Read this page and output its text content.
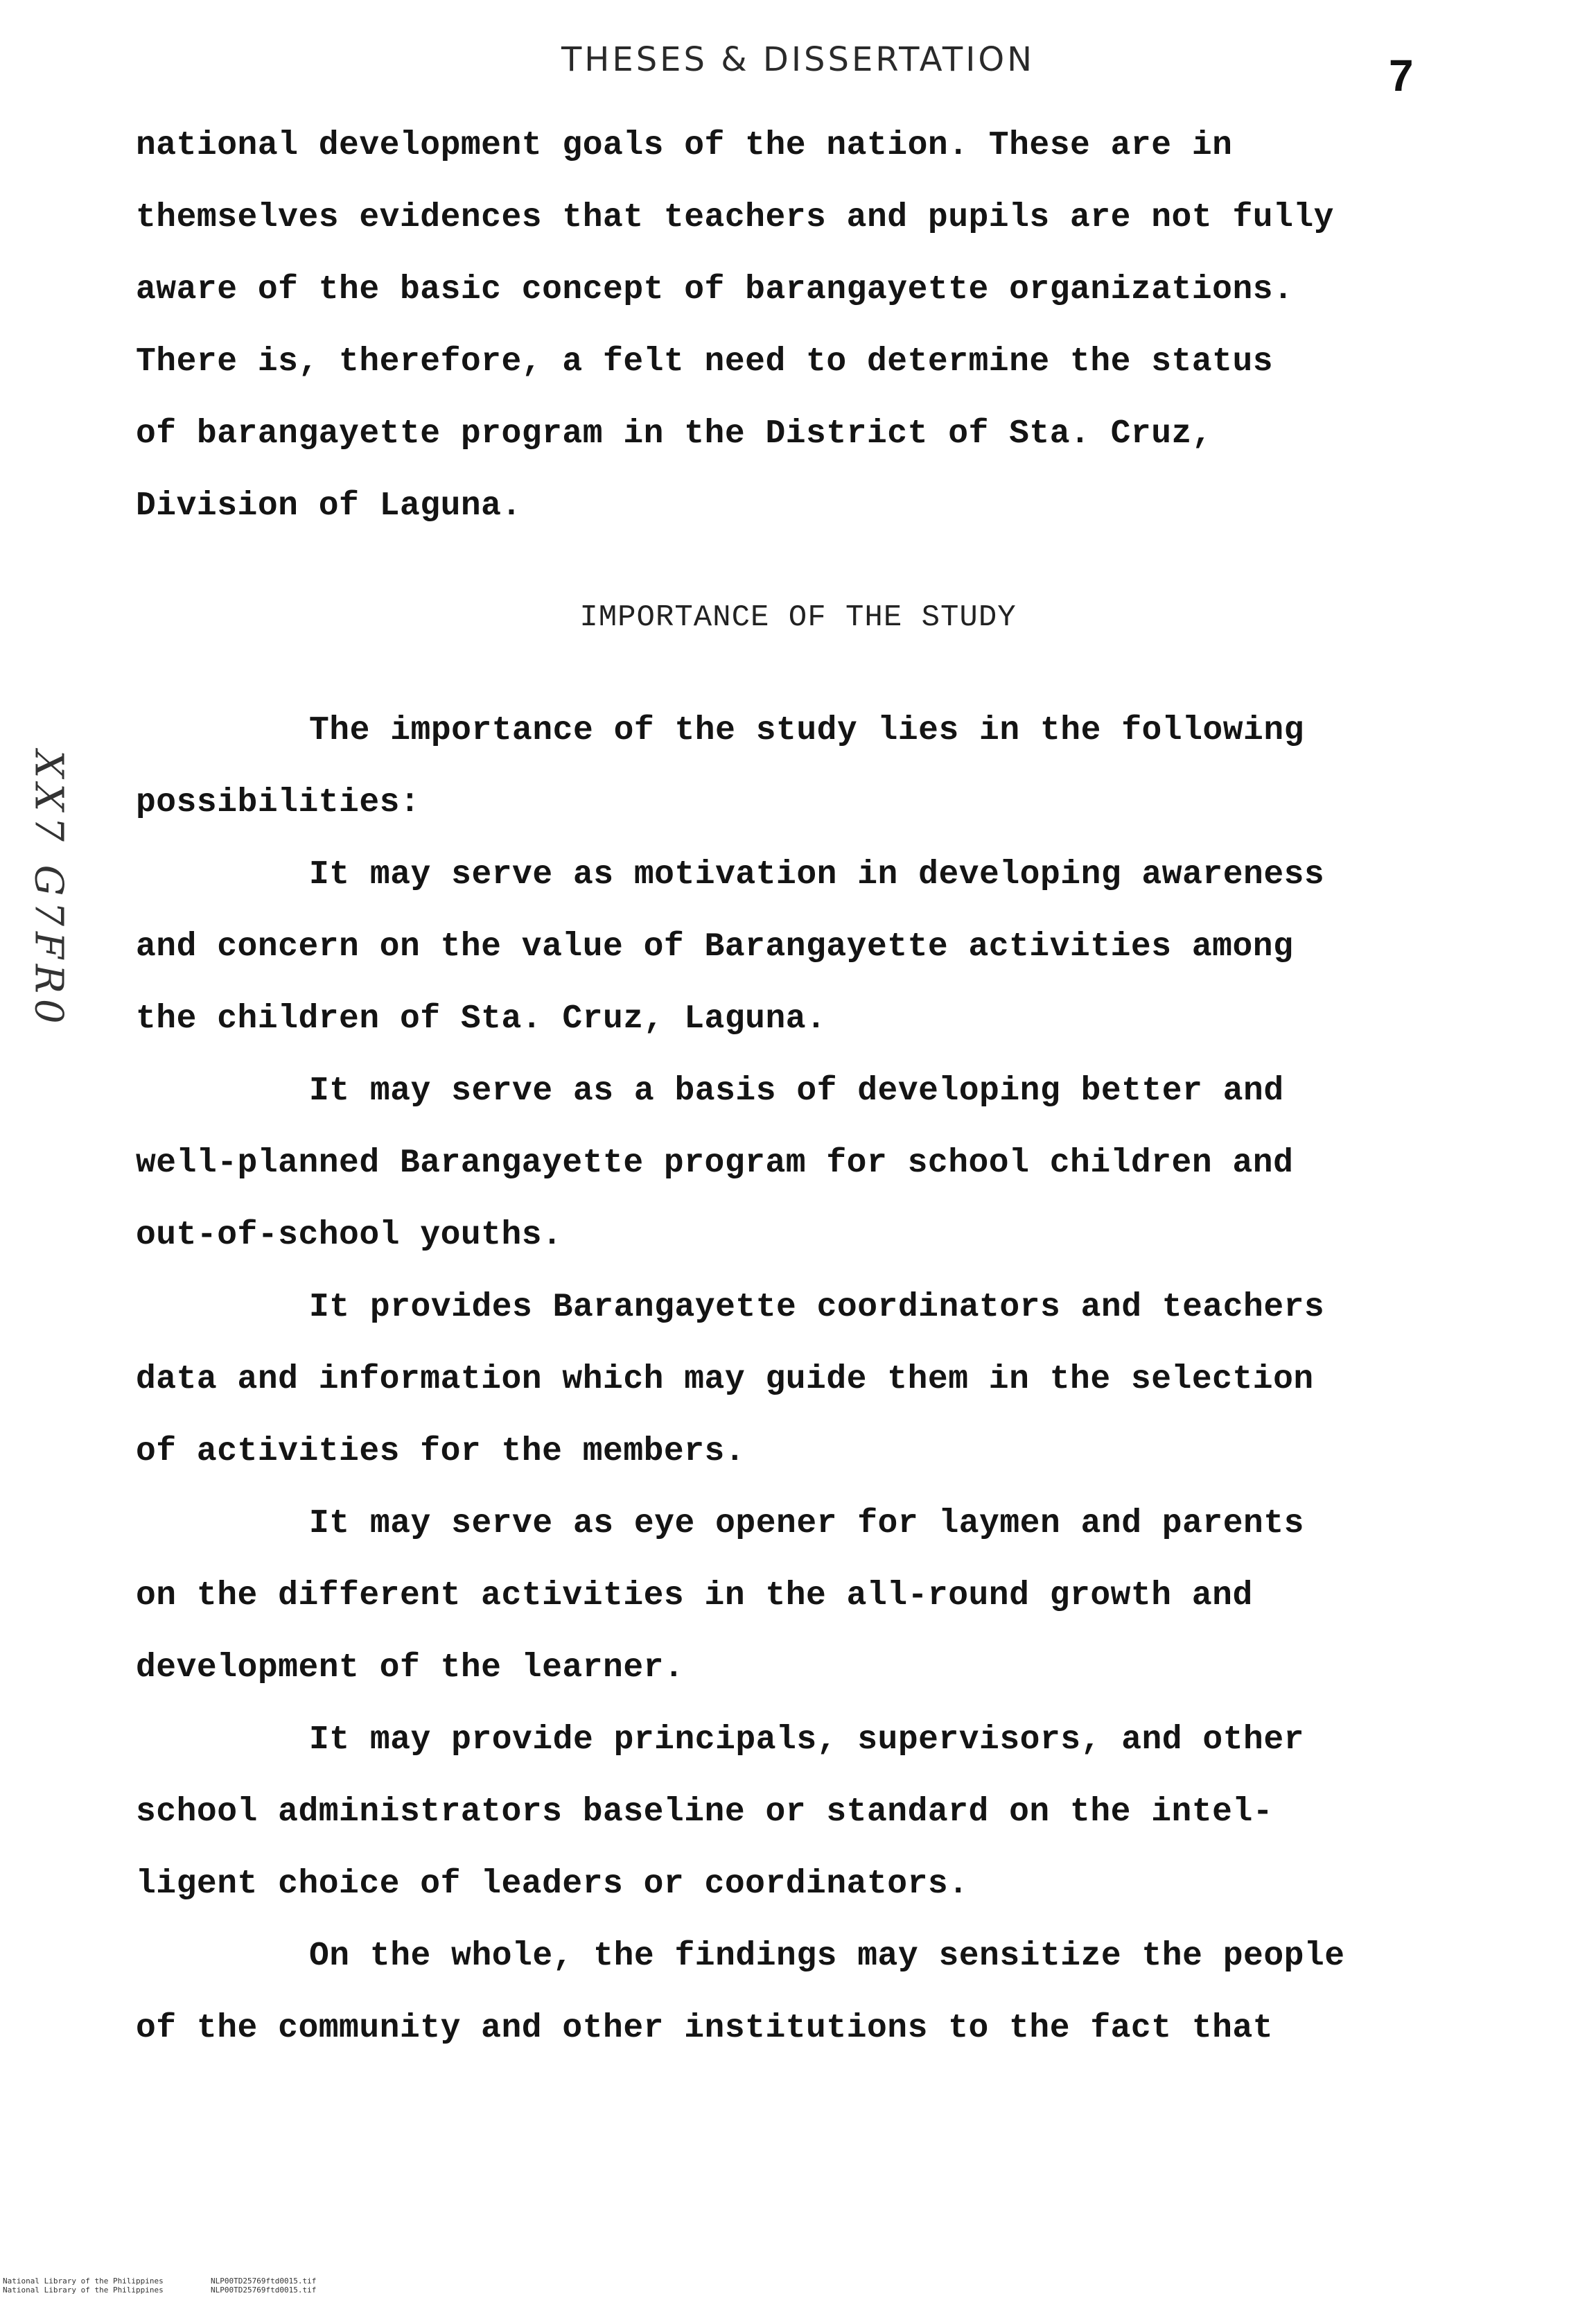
THESES & DISSERTATION	7
XX7 G7FR0
national development goals of the nation. These are in
themselves evidences that teachers and pupils are not fully
aware of the basic concept of barangayette organizations.
There is, therefore, a felt need to determine the status
of barangayette program in the District of Sta. Cruz,
Division of Laguna.
IMPORTANCE OF THE STUDY
The importance of the study lies in the following
possibilities:
It may serve as motivation in developing awareness
and concern on the value of Barangayette activities among
the children of Sta. Cruz, Laguna.
It may serve as a basis of developing better and
well-planned Barangayette program for school children and
out-of-school youths.
It provides Barangayette coordinators and teachers
data and information which may guide them in the selection
of activities for the members.
It may serve as eye opener for laymen and parents
on the different activities in the all-round growth and
development of the learner.
It may provide principals, supervisors, and other
school administrators baseline or standard on the intel-
ligent choice of leaders or coordinators.
On the whole, the findings may sensitize the people
of the community and other institutions to the fact that
National Library of the Philippines	NLP00TD25769ftd0015.tif
National Library of the Philippines	NLP00TD25769ftd0015.tif
